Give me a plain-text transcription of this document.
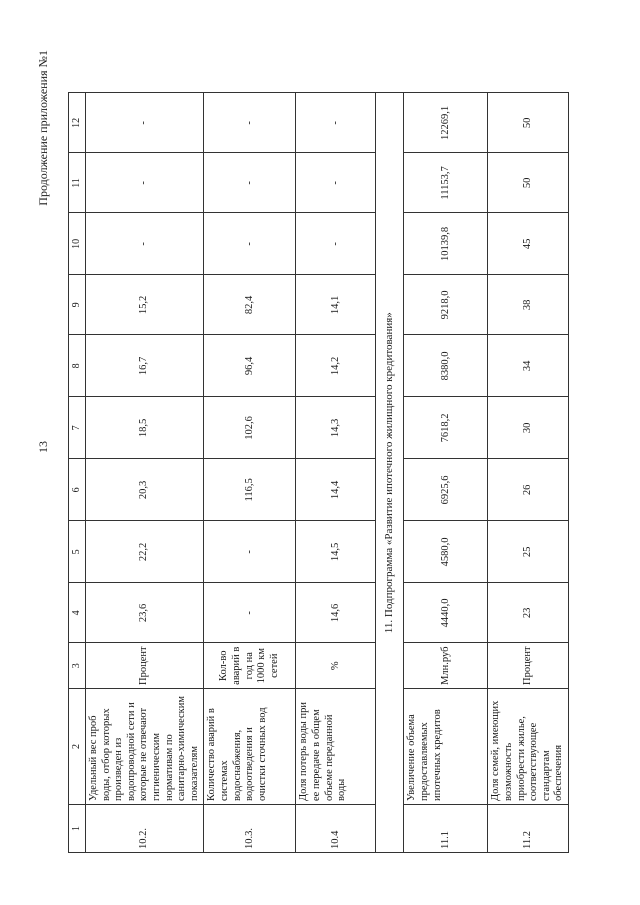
13
Продолжение приложения №1
1	2	3	4	5	6	7	8	9	10	11	12
10.2.	Удельный вес проб воды, отбор которых произведен из водопроводной сети и которые не отвечают гигиеническим нормативам по санитарно-химическим показателям	Процент	23,6	22,2	20,3	18,5	16,7	15,2	-	-	-
10.3.	Количество аварий в системах водоснабжения, водоотведения и очистки сточных вод	Кол-во аварий в год на 1000 км сетей	-	-	116,5	102,6	96,4	82,4	-	-	-
10.4	Доля потерь воды при ее передаче в общем объеме переданной воды	%	14,6	14,5	14,4	14,3	14,2	14,1	-	-	-
11. Подпрограмма «Развитие ипотечного жилищного кредитования»											
11.1	Увеличение объема предоставляемых ипотечных кредитов	Млн.руб	4440,0	4580,0	6925,6	7618,2	8380,0	9218,0	10139,8	11153,7	12269,1
11.2	Доля семей, имеющих возможность приобрести жилье, соответствующее стандартам обеспечения	Процент	23	25	26	30	34	38	45	50	50
